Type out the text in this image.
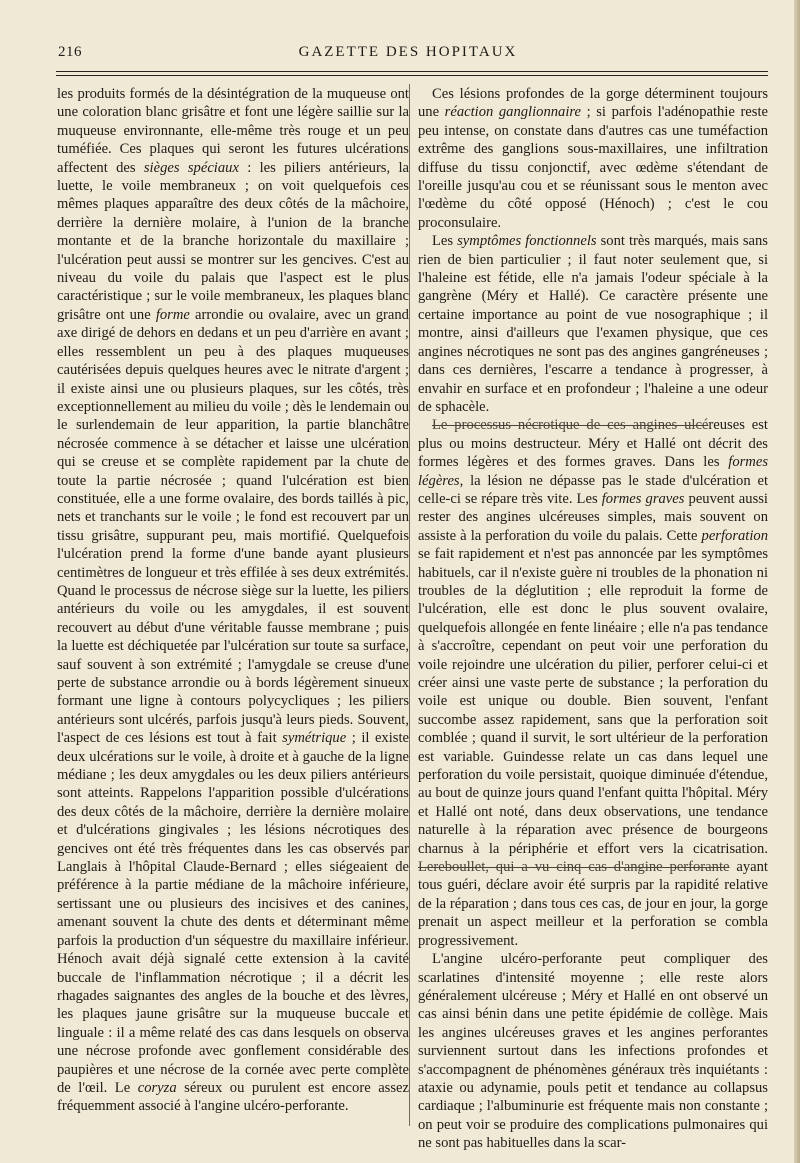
216	GAZETTE DES HOPITAUX

les produits formés de la désintégration de la muqueuse ont une coloration blanc grisâtre et font une légère saillie sur la muqueuse environnante, elle-même très rouge et un peu tuméfiée. Ces plaques qui seront les futures ulcérations affectent des sièges spéciaux : les piliers antérieurs, la luette, le voile membraneux ; on voit quelquefois ces mêmes plaques apparaître des deux côtés de la mâchoire, derrière la dernière molaire, à l'union de la branche montante et de la branche horizontale du maxillaire ; l'ulcération peut aussi se montrer sur les gencives. C'est au niveau du voile du palais que l'aspect est le plus caractéristique ; sur le voile membraneux, les plaques blanc grisâtre ont une forme arrondie ou ovalaire, avec un grand axe dirigé de dehors en dedans et un peu d'arrière en avant ; elles ressemblent un peu à des plaques muqueuses cautérisées depuis quelques heures avec le nitrate d'argent ; il existe ainsi une ou plusieurs plaques, sur les côtés, très exceptionnellement au milieu du voile ; dès le lendemain ou le surlendemain de leur apparition, la partie blanchâtre nécrosée commence à se détacher et laisse une ulcération qui se creuse et se complète rapidement par la chute de toute la partie nécrosée ; quand l'ulcération est bien constituée, elle a une forme ovalaire, des bords taillés à pic, nets et tranchants sur le voile ; le fond est recouvert par un tissu grisâtre, suppurant peu, mais mortifié. Quelquefois l'ulcération prend la forme d'une bande ayant plusieurs centimètres de longueur et très effilée à ses deux extrémités. Quand le processus de nécrose siège sur la luette, les piliers antérieurs du voile ou les amygdales, il est souvent recouvert au début d'une véritable fausse membrane ; puis la luette est déchiquetée par l'ulcération sur toute sa surface, sauf souvent à son extrémité ; l'amygdale se creuse d'une perte de substance arrondie ou à bords légèrement sinueux formant une ligne à contours polycycliques ; les piliers antérieurs sont ulcérés, parfois jusqu'à leurs pieds. Souvent, l'aspect de ces lésions est tout à fait symétrique ; il existe deux ulcérations sur le voile, à droite et à gauche de la ligne médiane ; les deux amygdales ou les deux piliers antérieurs sont atteints. Rappelons l'apparition possible d'ulcérations des deux côtés de la mâchoire, derrière la dernière molaire et d'ulcérations gingivales ; les lésions nécrotiques des gencives ont été très fréquentes dans les cas observés par Langlais à l'hôpital Claude-Bernard ; elles siégeaient de préférence à la partie médiane de la mâchoire inférieure, sertissant une ou plusieurs des incisives et des canines, amenant souvent la chute des dents et déterminant même parfois la production d'un séquestre du maxillaire inférieur. Hénoch avait déjà signalé cette extension à la cavité buccale de l'inflammation nécrotique ; il a décrit les rhagades saignantes des angles de la bouche et des lèvres, les plaques jaune grisâtre sur la muqueuse buccale et linguale : il a même relaté des cas dans lesquels on observa une nécrose profonde avec gonflement considérable des paupières et une nécrose de la cornée avec perte complète de l'œil. Le coryza séreux ou purulent est encore assez fréquemment associé à l'angine ulcéro-perforante.

Ces lésions profondes de la gorge déterminent toujours une réaction ganglionnaire ; si parfois l'adénopathie reste peu intense, on constate dans d'autres cas une tuméfaction extrême des ganglions sous-maxillaires, une infiltration diffuse du tissu conjonctif, avec œdème s'étendant de l'oreille jusqu'au cou et se réunissant sous le menton avec l'œdème du côté opposé (Hénoch) ; c'est le cou proconsulaire.

Les symptômes fonctionnels sont très marqués, mais sans rien de bien particulier ; il faut noter seulement que, si l'haleine est fétide, elle n'a jamais l'odeur spéciale à la gangrène (Méry et Hallé). Ce caractère présente une certaine importance au point de vue nosographique ; il montre, ainsi d'ailleurs que l'examen physique, que ces angines nécrotiques ne sont pas des angines gangréneuses ; dans ces dernières, l'escarre a tendance à progresser, à envahir en surface et en profondeur ; l'haleine a une odeur de sphacèle.

Le processus nécrotique de ces angines ulcéreuses est plus ou moins destructeur. Méry et Hallé ont décrit des formes légères et des formes graves. Dans les formes légères, la lésion ne dépasse pas le stade d'ulcération et celle-ci se répare très vite. Les formes graves peuvent aussi rester des angines ulcéreuses simples, mais souvent on assiste à la perforation du voile du palais. Cette perforation se fait rapidement et n'est pas annoncée par les symptômes habituels, car il n'existe guère ni troubles de la phonation ni troubles de la déglutition ; elle reproduit la forme de l'ulcération, elle est donc le plus souvent ovalaire, quelquefois allongée en fente linéaire ; elle n'a pas tendance à s'accroître, cependant on peut voir une perforation du voile rejoindre une ulcération du pilier, perforer celui-ci et créer ainsi une vaste perte de substance ; la perforation du voile est unique ou double. Bien souvent, l'enfant succombe assez rapidement, sans que la perforation soit comblée ; quand il survit, le sort ultérieur de la perforation est variable. Guindesse relate un cas dans lequel une perforation du voile persistait, quoique diminuée d'étendue, au bout de quinze jours quand l'enfant quitta l'hôpital. Méry et Hallé ont noté, dans deux observations, une tendance naturelle à la réparation avec présence de bourgeons charnus à la périphérie et effort vers la cicatrisation. Lereboullet, qui a vu cinq cas d'angine perforante ayant tous guéri, déclare avoir été surpris par la rapidité relative de la réparation ; dans tous ces cas, de jour en jour, la gorge prenait un aspect meilleur et la perforation se combla progressivement.

L'angine ulcéro-perforante peut compliquer des scarlatines d'intensité moyenne ; elle reste alors généralement ulcéreuse ; Méry et Hallé en ont observé un cas ainsi bénin dans une petite épidémie de collège. Mais les angines ulcéreuses graves et les angines perforantes surviennent surtout dans les infections profondes et s'accompagnent de phénomènes généraux très inquiétants : ataxie ou adynamie, pouls petit et tendance au collapsus cardiaque ; l'albuminurie est fréquente mais non constante ; on peut voir se produire des complications pulmonaires qui ne sont pas habituelles dans la scar-
